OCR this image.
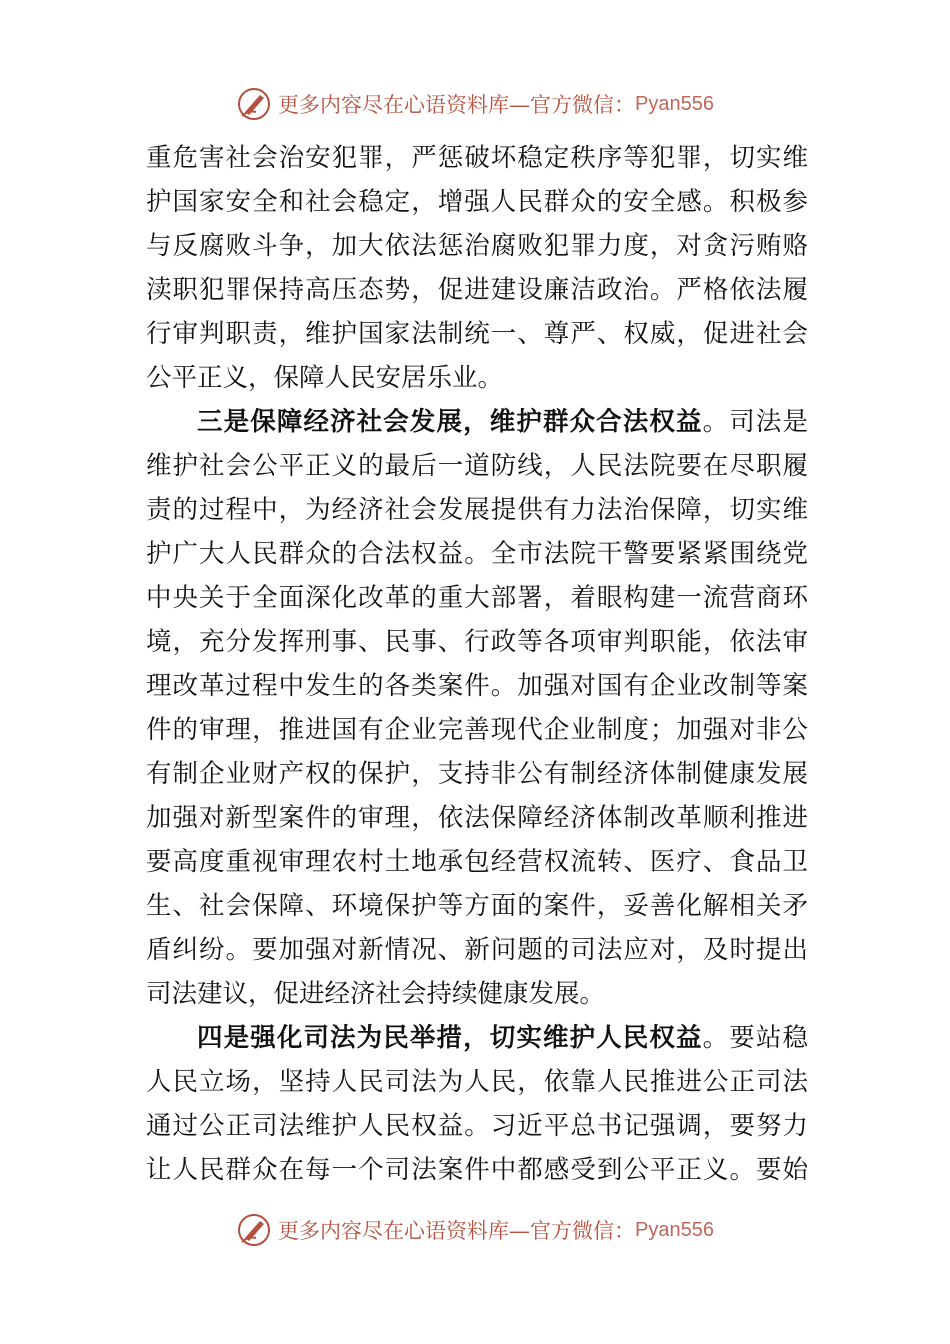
更多内容尽在心语资料库—官方微信： Pyan556
重危害社会治安犯罪，严惩破坏稳定秩序等犯罪，切实维
护国家安全和社会稳定，增强人民群众的安全感。积极参
与反腐败斗争，加大依法惩治腐败犯罪力度，对贪污贿赂
渎职犯罪保持高压态势，促进建设廉洁政治。严格依法履
行审判职责，维护国家法制统一、尊严、权威，促进社会
公平正义，保障人民安居乐业。
三是保障经济社会发展，维护群众合法权益。司法是
维护社会公平正义的最后一道防线，人民法院要在尽职履
责的过程中，为经济社会发展提供有力法治保障，切实维
护广大人民群众的合法权益。全市法院干警要紧紧围绕党
中央关于全面深化改革的重大部署，着眼构建一流营商环
境，充分发挥刑事、民事、行政等各项审判职能，依法审
理改革过程中发生的各类案件。加强对国有企业改制等案
件的审理，推进国有企业完善现代企业制度；加强对非公
有制企业财产权的保护，支持非公有制经济体制健康发展
加强对新型案件的审理，依法保障经济体制改革顺利推进
要高度重视审理农村土地承包经营权流转、医疗、食品卫
生、社会保障、环境保护等方面的案件，妥善化解相关矛
盾纠纷。要加强对新情况、新问题的司法应对，及时提出
司法建议，促进经济社会持续健康发展。
四是强化司法为民举措，切实维护人民权益。要站稳
人民立场，坚持人民司法为人民，依靠人民推进公正司法
通过公正司法维护人民权益。习近平总书记强调，要努力
让人民群众在每一个司法案件中都感受到公平正义。要始
更多内容尽在心语资料库—官方微信： Pyan556
